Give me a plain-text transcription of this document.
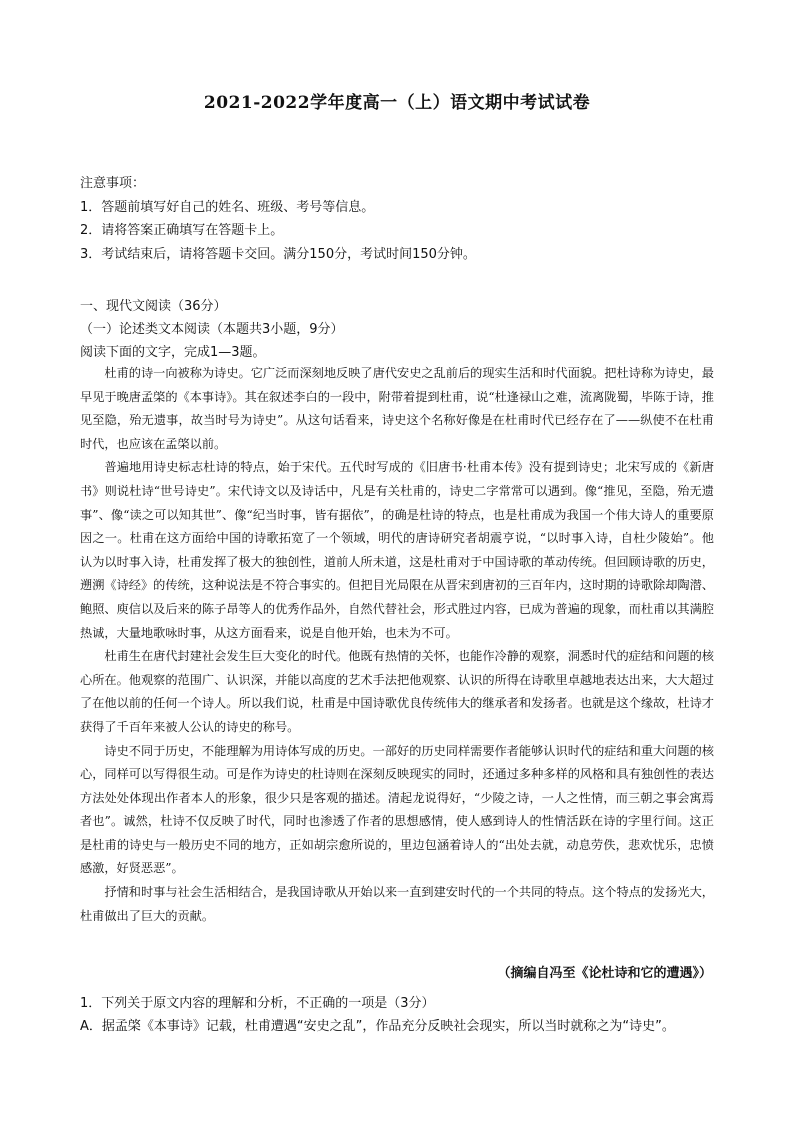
2021-2022学年度高一（上）语文期中考试试卷
注意事项：
1．答题前填写好自己的姓名、班级、考号等信息。
2．请将答案正确填写在答题卡上。
3．考试结束后，请将答题卡交回。满分150分，考试时间150分钟。
一、现代文阅读（36分）
（一）论述类文本阅读（本题共3小题，9分）
阅读下面的文字，完成1—3题。

杜甫的诗一向被称为诗史。它广泛而深刻地反映了唐代安史之乱前后的现实生活和时代面貌。把杜诗称为诗史，最早见于晚唐孟棨的《本事诗》。其在叙述李白的一段中，附带着提到杜甫，说“杜逢禄山之难，流离陇蜀，毕陈于诗，推见至隐，殆无遗事，故当时号为诗史”。从这句话看来，诗史这个名称好像是在杜甫时代已经存在了——纵使不在杜甫时代，也应该在孟棨以前。

普遍地用诗史标志杜诗的特点，始于宋代。五代时写成的《旧唐书·杜甫本传》没有提到诗史；北宋写成的《新唐书》则说杜诗“世号诗史”。宋代诗文以及诗话中，凡是有关杜甫的，诗史二字常常可以遇到。像“推见，至隐，殆无遗事”、像“读之可以知其世”、像“纪当时事，皆有据依”，的确是杜诗的特点，也是杜甫成为我国一个伟大诗人的重要原因之一。杜甫在这方面给中国的诗歌拓宽了一个领域，明代的唐诗研究者胡震亨说，“以时事入诗，自杜少陵始”。他认为以时事入诗，杜甫发挥了极大的独创性，道前人所未道，这是杜甫对于中国诗歌的革动传统。但回顾诗歌的历史，遡溯《诗经》的传统，这种说法是不符合事实的。但把目光局限在从晋宋到唐初的三百年内，这时期的诗歌除却陶潜、鲍照、庾信以及后来的陈子昂等人的优秀作品外，自然代替社会，形式胜过内容，已成为普遍的现象，而杜甫以其满腔热诚，大量地歌咏时事，从这方面看来，说是自他开始，也未为不可。

杜甫生在唐代封建社会发生巨大变化的时代。他既有热情的关怀，也能作冷静的观察，洞悉时代的症结和问题的核心所在。他观察的范围广、认识深，并能以高度的艺术手法把他观察、认识的所得在诗歌里卓越地表达出来，大大超过了在他以前的任何一个诗人。所以我们说，杜甫是中国诗歌优良传统伟大的继承者和发扬者。也就是这个缘故，杜诗才获得了千百年来被人公认的诗史的称号。

诗史不同于历史，不能理解为用诗体写成的历史。一部好的历史同样需要作者能够认识时代的症结和重大问题的核心，同样可以写得很生动。可是作为诗史的杜诗则在深刻反映现实的同时，还通过多种多样的风格和具有独创性的表达方法处处体现出作者本人的形象，很少只是客观的描述。清起龙说得好，“少陵之诗，一人之性情，而三朝之事会寓焉者也”。诚然，杜诗不仅反映了时代，同时也渗透了作者的思想感情，使人感到诗人的性情活跃在诗的字里行间。这正是杜甫的诗史与一般历史不同的地方，正如胡宗愈所说的，里边包涵着诗人的“出处去就，动息劳佚，悲欢忧乐，忠愤感激，好贤恶恶”。

抒情和时事与社会生活相结合，是我国诗歌从开始以来一直到建安时代的一个共同的特点。这个特点的发扬光大，杜甫做出了巨大的贡献。

（摘编自冯至《论杜诗和它的遭遇》）
1．下列关于原文内容的理解和分析，不正确的一项是（3分）
A．据孟棨《本事诗》记载，杜甫遭遇“安史之乱”，作品充分反映社会现实，所以当时就称之为“诗史”。
